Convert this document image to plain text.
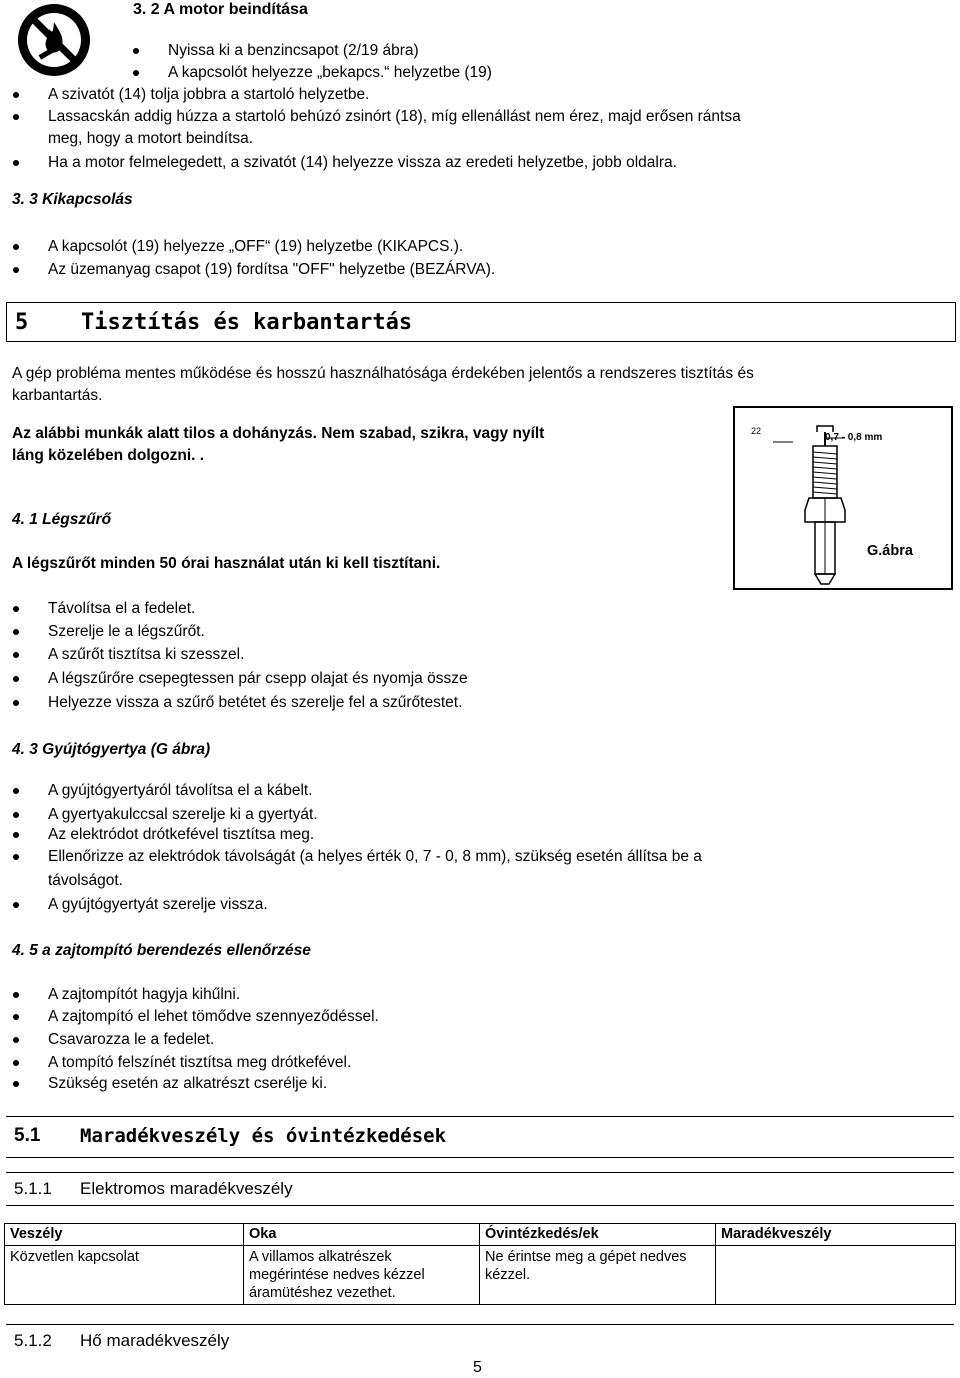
3. 2 A motor beindítása
Nyissa ki a benzincsapot (2/19 ábra)
A kapcsolót helyezze „bekapcs.“ helyzetbe (19)
A szivatót (14) tolja jobbra a startoló helyzetbe.
Lassacskán addig húzza a startoló behúzó zsinórt (18), míg ellenállást nem érez, majd erősen rántsa
meg, hogy a motort beindítsa.
Ha a motor felmelegedett, a szivatót (14) helyezze vissza az eredeti helyzetbe, jobb oldalra.
3. 3 Kikapcsolás
A kapcsolót (19) helyezze „OFF“ (19) helyzetbe (KIKAPCS.).
Az üzemanyag csapot (19) fordítsa "OFF" helyzetbe (BEZÁRVA).
5 Tisztítás és karbantartás
A gép probléma mentes működése és hosszú használhatósága érdekében jelentős a rendszeres tisztítás és
karbantartás.
Az alábbi munkák alatt tilos a dohányzás. Nem szabad, szikra, vagy nyílt
láng közelében dolgozni. .
22
0,7 - 0,8 mm
G.ábra
4. 1 Légszűrő
A légszűrőt minden 50 órai használat után ki kell tisztítani.
Távolítsa el a fedelet.
Szerelje le a légszűrőt.
A szűrőt tisztítsa ki szesszel.
A légszűrőre csepegtessen pár csepp olajat és nyomja össze
Helyezze vissza a szűrő betétet és szerelje fel a szűrőtestet.
4. 3 Gyújtógyertya (G ábra)
A gyújtógyertyáról távolítsa el a kábelt.
A gyertyakulccsal szerelje ki a gyertyát.
Az elektródot drótkefével tisztítsa meg.
Ellenőrizze az elektródok távolságát (a helyes érték 0, 7 - 0, 8 mm), szükség esetén állítsa be a
távolságot.
A gyújtógyertyát szerelje vissza.
4. 5 a zajtompító berendezés ellenőrzése
A zajtompítót hagyja kihűlni.
A zajtompító el lehet tömődve szennyeződéssel.
Csavarozza le a fedelet.
A tompító felszínét tisztítsa meg drótkefével.
Szükség esetén az alkatrészt cserélje ki.
5.1 Maradékveszély és óvintézkedések
5.1.1 Elektromos maradékveszély
Veszély	Oka	Óvintézkedés/ek	Maradékveszély
Közvetlen kapcsolat	A villamos alkatrészek
megérintése nedves kézzel
áramütéshez vezethet.	Ne érintse meg a gépet nedves
kézzel.	
5.1.2 Hő maradékveszély
5
